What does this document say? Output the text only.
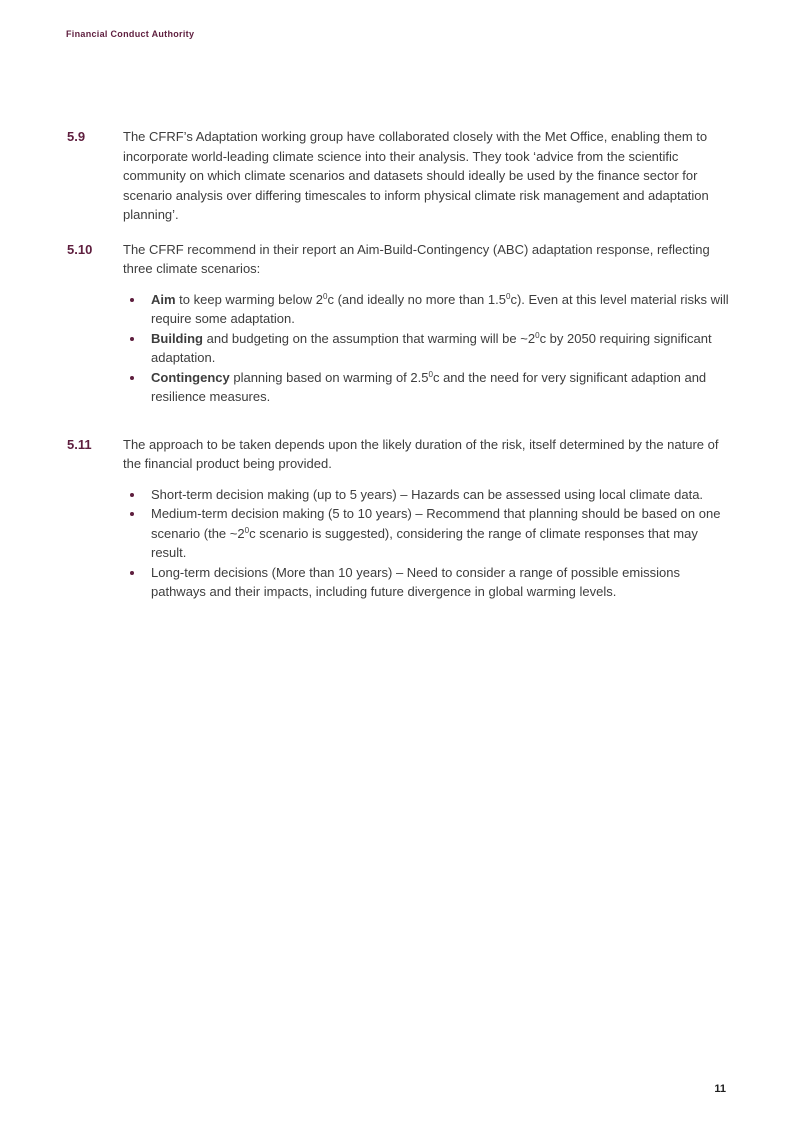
Financial Conduct Authority
5.9	The CFRF’s Adaptation working group have collaborated closely with the Met Office, enabling them to incorporate world-leading climate science into their analysis. They took ‘advice from the scientific community on which climate scenarios and datasets should ideally be used by the finance sector for scenario analysis over differing timescales to inform physical climate risk management and adaptation planning’.

5.10	The CFRF recommend in their report an Aim-Build-Contingency (ABC) adaptation response, reflecting three climate scenarios:

Aim to keep warming below $2^0c$ (and ideally no more than $1.5^0c$). Even at this level material risks will require some adaptation.
Building and budgeting on the assumption that warming will be $\sim 2^0c$ by 2050 requiring significant adaptation.
Contingency planning based on warming of $2.5^0c$ and the need for very significant adaption and resilience measures.
5.11	The approach to be taken depends upon the likely duration of the risk, itself determined by the nature of the financial product being provided.

Short-term decision making (up to 5 years) – Hazards can be assessed using local climate data.
Medium-term decision making (5 to 10 years) – Recommend that planning should be based on one scenario (the $\sim 2^0c$ scenario is suggested), considering the range of climate responses that may result.
Long-term decisions (More than 10 years) – Need to consider a range of possible emissions pathways and their impacts, including future divergence in global warming levels.
11
